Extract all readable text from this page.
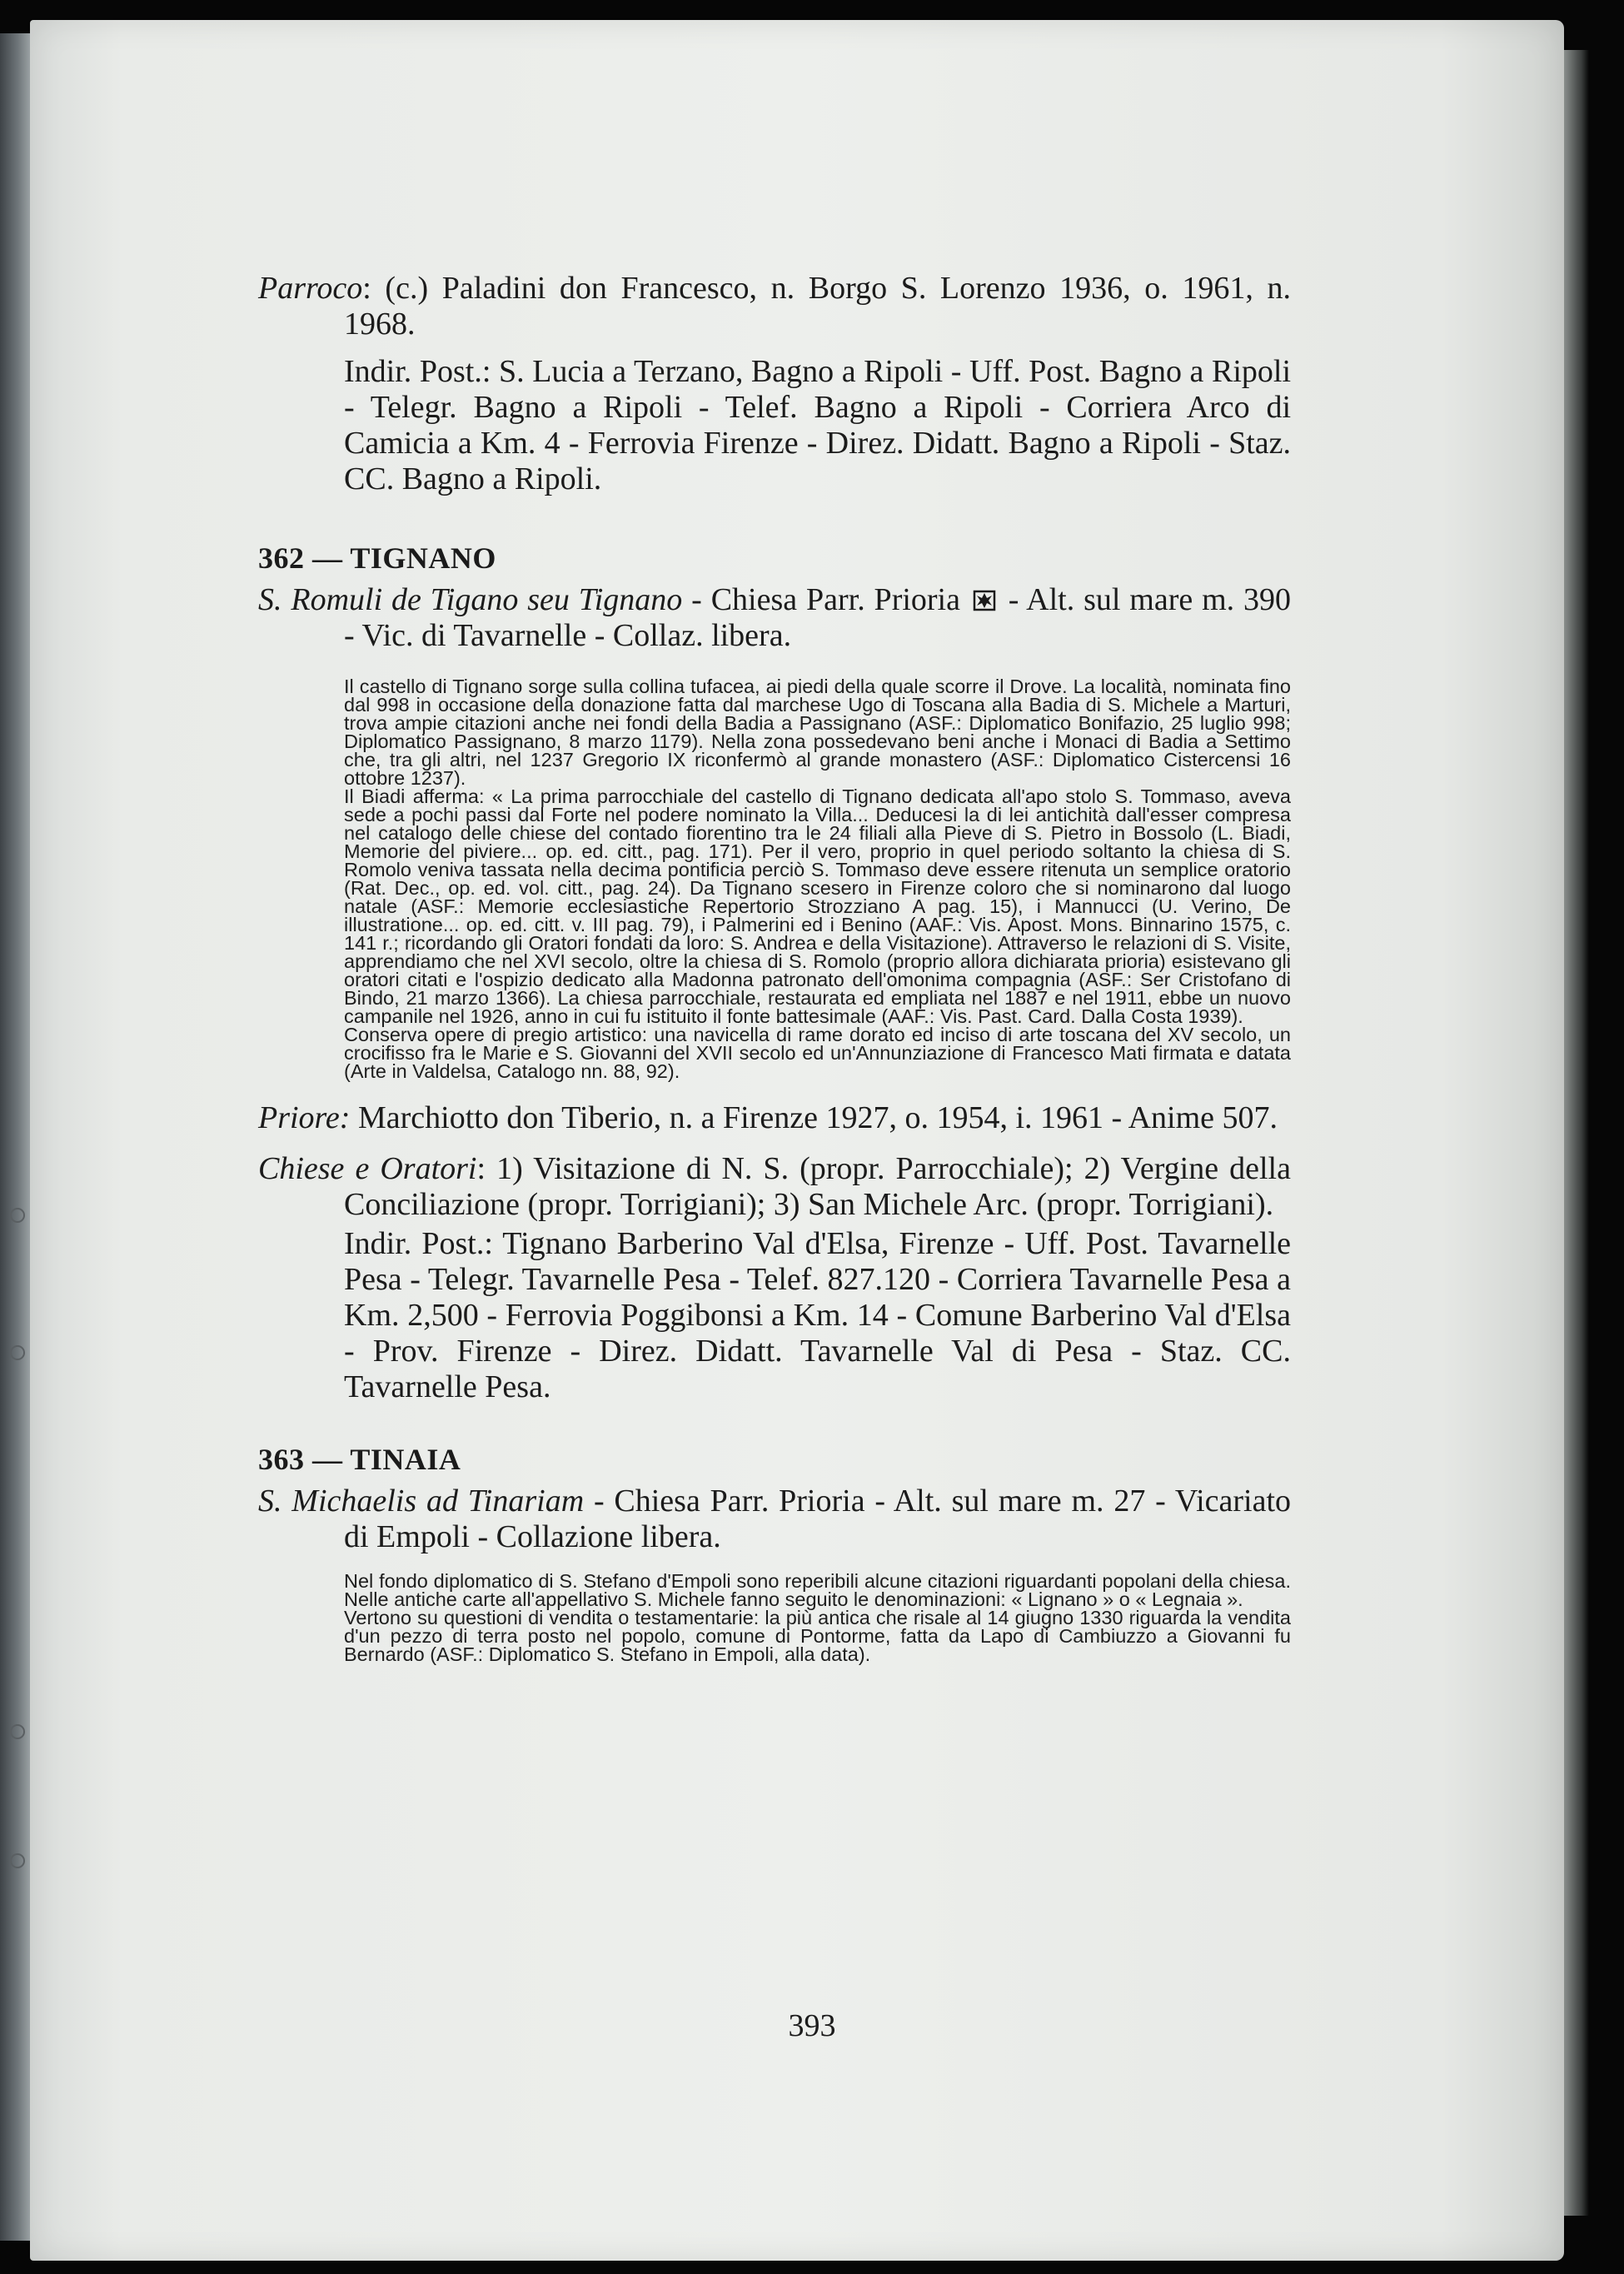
Parroco: (c.) Paladini don Francesco, n. Borgo S. Lorenzo 1936, o. 1961, n. 1968.

Indir. Post.: S. Lucia a Terzano, Bagno a Ripoli - Uff. Post. Bagno a Ripoli - Telegr. Bagno a Ripoli - Telef. Bagno a Ripoli - Corriera Arco di Camicia a Km. 4 - Ferrovia Firenze - Direz. Didatt. Bagno a Ripoli - Staz. CC. Bagno a Ripoli.

362 — TIGNANO

S. Romuli de Tigano seu Tignano - Chiesa Parr. Prioria  - Alt. sul mare m. 390 - Vic. di Tavarnelle - Collaz. libera.

Il castello di Tignano sorge sulla collina tufacea, ai piedi della quale scorre il Drove. La località, nominata fino dal 998 in occasione della donazione fatta dal marchese Ugo di Toscana alla Badia di S. Michele a Marturi, trova ampie citazioni anche nei fondi della Badia a Passignano (ASF.: Diplomatico Bonifazio, 25 luglio 998; Diplomatico Passignano, 8 marzo 1179). Nella zona possedevano beni anche i Monaci di Badia a Settimo che, tra gli altri, nel 1237 Gregorio IX riconfermò al grande monastero (ASF.: Diplomatico Cistercensi 16 ottobre 1237).

Il Biadi afferma: « La prima parrocchiale del castello di Tignano dedicata all'apo stolo S. Tommaso, aveva sede a pochi passi dal Forte nel podere nominato la Villa... Deducesi la di lei antichità dall'esser compresa nel catalogo delle chiese del contado fiorentino tra le 24 filiali alla Pieve di S. Pietro in Bossolo (L. Biadi, Memorie del piviere... op. ed. citt., pag. 171). Per il vero, proprio in quel periodo soltanto la chiesa di S. Romolo veniva tassata nella decima pontificia perciò S. Tommaso deve essere ritenuta un semplice oratorio (Rat. Dec., op. ed. vol. citt., pag. 24). Da Tignano scesero in Firenze coloro che si nominarono dal luogo natale (ASF.: Memorie ecclesiastiche Repertorio Strozziano A pag. 15), i Mannucci (U. Verino, De illustratione... op. ed. citt. v. III pag. 79), i Palmerini ed i Benino (AAF.: Vis. Apost. Mons. Binnarino 1575, c. 141 r.; ricordando gli Oratori fondati da loro: S. Andrea e della Visitazione). Attraverso le relazioni di S. Visite, apprendiamo che nel XVI secolo, oltre la chiesa di S. Romolo (proprio allora dichiarata prioria) esistevano gli oratori citati e l'ospizio dedicato alla Madonna patronato dell'omonima compagnia (ASF.: Ser Cristofano di Bindo, 21 marzo 1366). La chiesa parrocchiale, restaurata ed empliata nel 1887 e nel 1911, ebbe un nuovo campanile nel 1926, anno in cui fu istituito il fonte battesimale (AAF.: Vis. Past. Card. Dalla Costa 1939).

Conserva opere di pregio artistico: una navicella di rame dorato ed inciso di arte toscana del XV secolo, un crocifisso fra le Marie e S. Giovanni del XVII secolo ed un'Annunziazione di Francesco Mati firmata e datata (Arte in Valdelsa, Catalogo nn. 88, 92).

Priore: Marchiotto don Tiberio, n. a Firenze 1927, o. 1954, i. 1961 - Anime 507.

Chiese e Oratori: 1) Visitazione di N. S. (propr. Parrocchiale); 2) Vergine della Conciliazione (propr. Torrigiani); 3) San Michele Arc. (propr. Torrigiani).

Indir. Post.: Tignano Barberino Val d'Elsa, Firenze - Uff. Post. Tavarnelle Pesa - Telegr. Tavarnelle Pesa - Telef. 827.120 - Corriera Tavarnelle Pesa a Km. 2,500 - Ferrovia Poggibonsi a Km. 14 - Comune Barberino Val d'Elsa - Prov. Firenze - Direz. Didatt. Tavarnelle Val di Pesa - Staz. CC. Tavarnelle Pesa.

363 — TINAIA

S. Michaelis ad Tinariam - Chiesa Parr. Prioria - Alt. sul mare m. 27 - Vicariato di Empoli - Collazione libera.

Nel fondo diplomatico di S. Stefano d'Empoli sono reperibili alcune citazioni riguardanti popolani della chiesa. Nelle antiche carte all'appellativo S. Michele fanno seguito le denominazioni: « Lignano » o « Legnaia ».

Vertono su questioni di vendita o testamentarie: la più antica che risale al 14 giugno 1330 riguarda la vendita d'un pezzo di terra posto nel popolo, comune di Pontorme, fatta da Lapo di Cambiuzzo a Giovanni fu Bernardo (ASF.: Diplomatico S. Stefano in Empoli, alla data).

393
